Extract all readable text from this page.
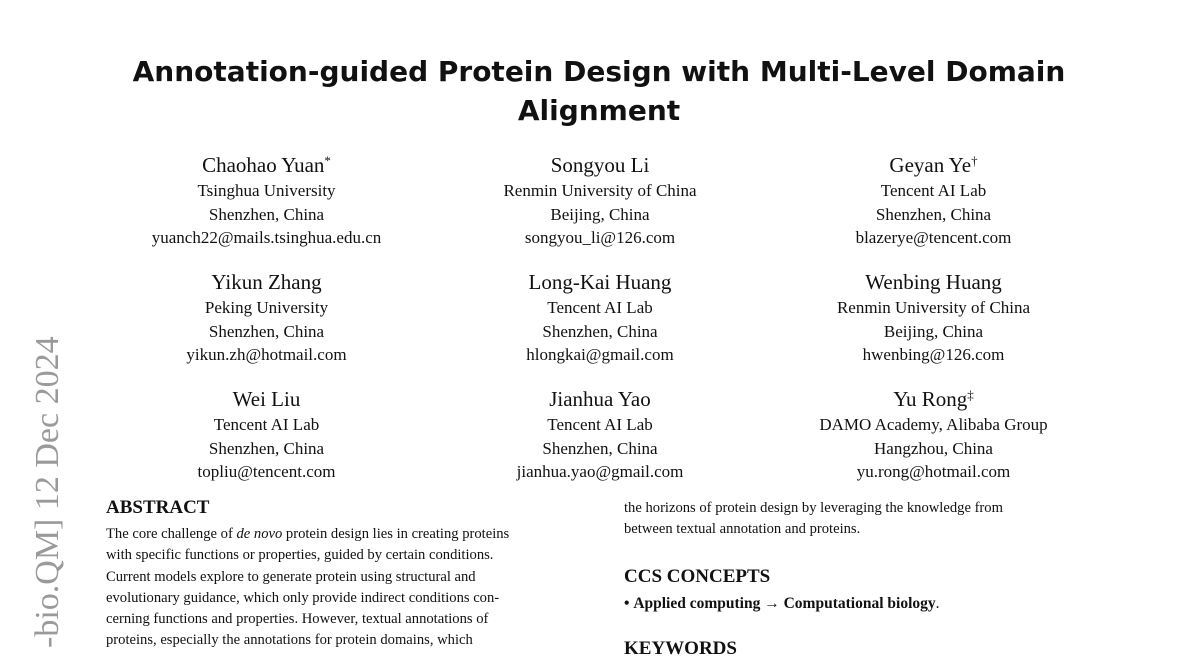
Annotation-guided Protein Design with Multi-Level Domain Alignment
Chaohao Yuan*
Tsinghua University
Shenzhen, China
yuanch22@mails.tsinghua.edu.cn
Songyou Li
Renmin University of China
Beijing, China
songyou_li@126.com
Geyan Ye†
Tencent AI Lab
Shenzhen, China
blazerye@tencent.com
Yikun Zhang
Peking University
Shenzhen, China
yikun.zh@hotmail.com
Long-Kai Huang
Tencent AI Lab
Shenzhen, China
hlongkai@gmail.com
Wenbing Huang
Renmin University of China
Beijing, China
hwenbing@126.com
Wei Liu
Tencent AI Lab
Shenzhen, China
topliu@tencent.com
Jianhua Yao
Tencent AI Lab
Shenzhen, China
jianhua.yao@gmail.com
Yu Rong‡
DAMO Academy, Alibaba Group
Hangzhou, China
yu.rong@hotmail.com
-bio.QM] 12 Dec 2024 ABSTRACT

The core challenge of de novo protein design lies in creating proteins
with specific functions or properties, guided by certain conditions.
Current models explore to generate protein using structural and
evolutionary guidance, which only provide indirect conditions con-
cerning functions and properties. However, textual annotations of
proteins, especially the annotations for protein domains, which

the horizons of protein design by leveraging the knowledge from
between textual annotation and proteins.

CCS CONCEPTS

• Applied computing → Computational biology.

KEYWORDS
